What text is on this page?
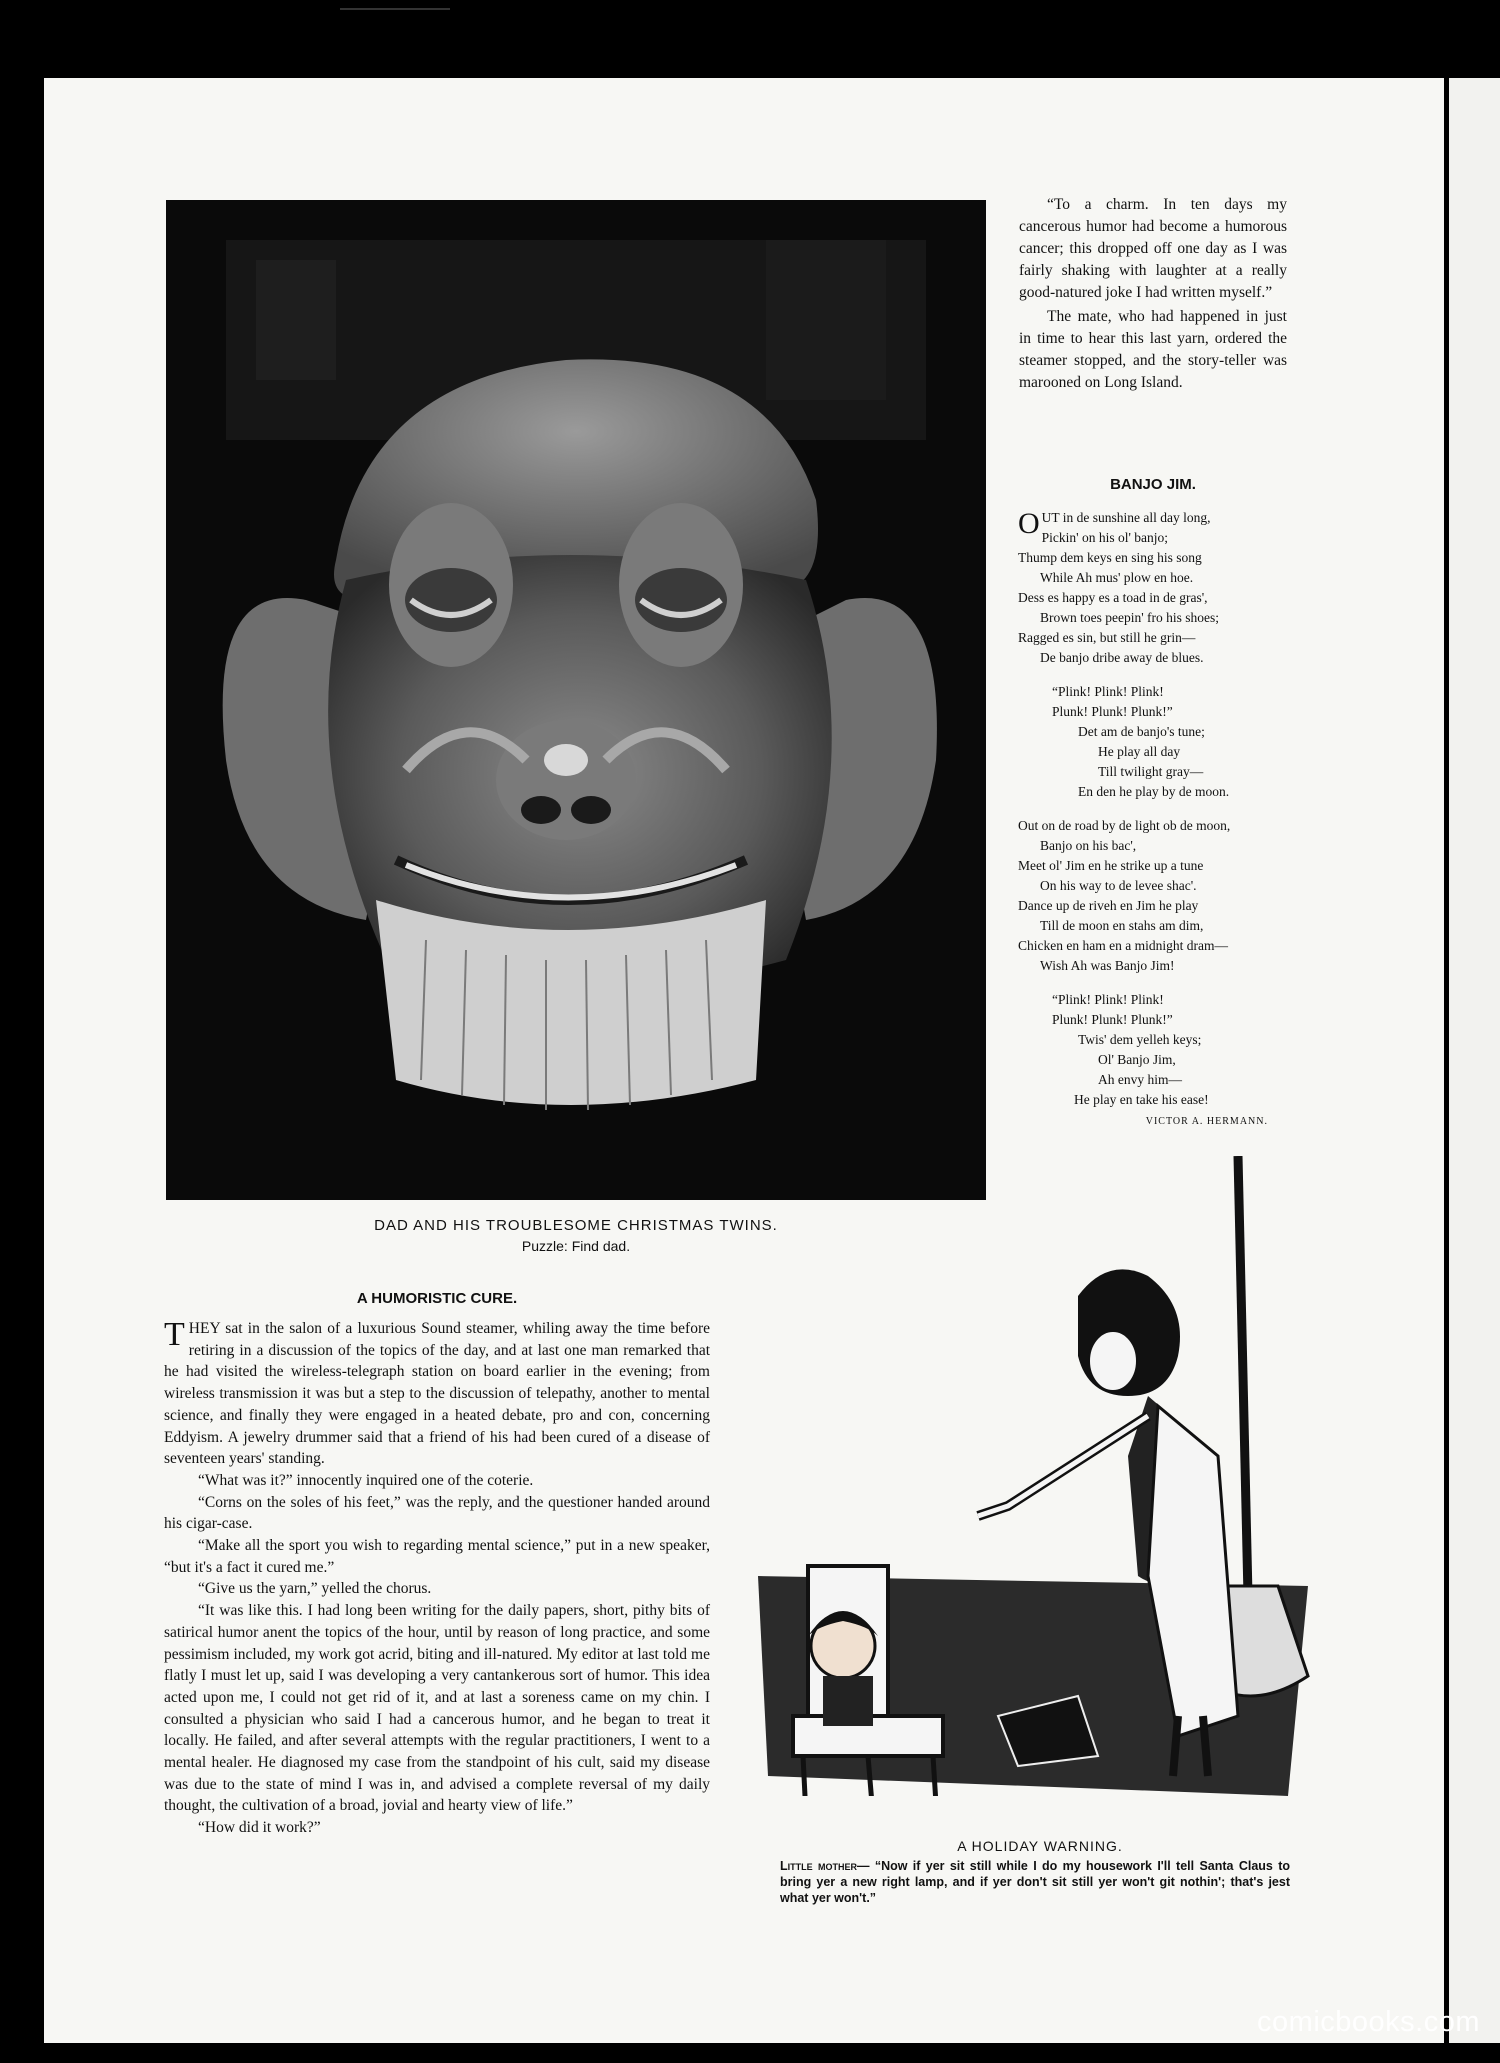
DAD AND HIS TROUBLESOME CHRISTMAS TWINS.
Puzzle: Find dad.

“To a charm. In ten days my cancerous humor had become a humorous cancer; this dropped off one day as I was fairly shaking with laughter at a really good-natured joke I had written myself.”

The mate, who had happened in just in time to hear this last yarn, ordered the steamer stopped, and the story-teller was marooned on Long Island.

BANJO JIM.
O UT in de sunshine all day long,
Pickin' on his ol' banjo;
Thump dem keys en sing his song
While Ah mus' plow en hoe.
Dess es happy es a toad in de gras',
Brown toes peepin' fro his shoes;
Ragged es sin, but still he grin—
De banjo dribe away de blues.
“Plink! Plink! Plink!
Plunk! Plunk! Plunk!”
Det am de banjo's tune;
He play all day
Till twilight gray—
En den he play by de moon.
Out on de road by de light ob de moon,
Banjo on his bac',
Meet ol' Jim en he strike up a tune
On his way to de levee shac'.
Dance up de riveh en Jim he play
Till de moon en stahs am dim,
Chicken en ham en a midnight dram—
Wish Ah was Banjo Jim!
“Plink! Plink! Plink!
Plunk! Plunk! Plunk!”
Twis' dem yelleh keys;
Ol' Banjo Jim,
Ah envy him—
He play en take his ease!
VICTOR A. HERMANN.
A HUMORISTIC CURE.

THEY sat in the salon of a luxurious Sound steamer, whiling away the time before retiring in a discussion of the topics of the day, and at last one man remarked that he had visited the wireless-telegraph station on board earlier in the evening; from wireless transmission it was but a step to the discussion of telepathy, another to mental science, and finally they were engaged in a heated debate, pro and con, concerning Eddyism. A jewelry drummer said that a friend of his had been cured of a disease of seventeen years' standing.

“What was it?” innocently inquired one of the coterie.

“Corns on the soles of his feet,” was the reply, and the questioner handed around his cigar-case.

“Make all the sport you wish to regarding mental science,” put in a new speaker, “but it's a fact it cured me.”

“Give us the yarn,” yelled the chorus.

“It was like this. I had long been writing for the daily papers, short, pithy bits of satirical humor anent the topics of the hour, until by reason of long practice, and some pessimism included, my work got acrid, biting and ill-natured. My editor at last told me flatly I must let up, said I was developing a very cantankerous sort of humor. This idea acted upon me, I could not get rid of it, and at last a soreness came on my chin. I consulted a physician who said I had a cancerous humor, and he began to treat it locally. He failed, and after several attempts with the regular practitioners, I went to a mental healer. He diagnosed my case from the standpoint of his cult, said my disease was due to the state of mind I was in, and advised a complete reversal of my daily thought, the cultivation of a broad, jovial and hearty view of life.”

“How did it work?”

A HOLIDAY WARNING.
Little mother— “Now if yer sit still while I do my housework I'll tell Santa Claus to bring yer a new right lamp, and if yer don't sit still yer won't git nothin'; that's jest what yer won't.”
comicbooks.com
